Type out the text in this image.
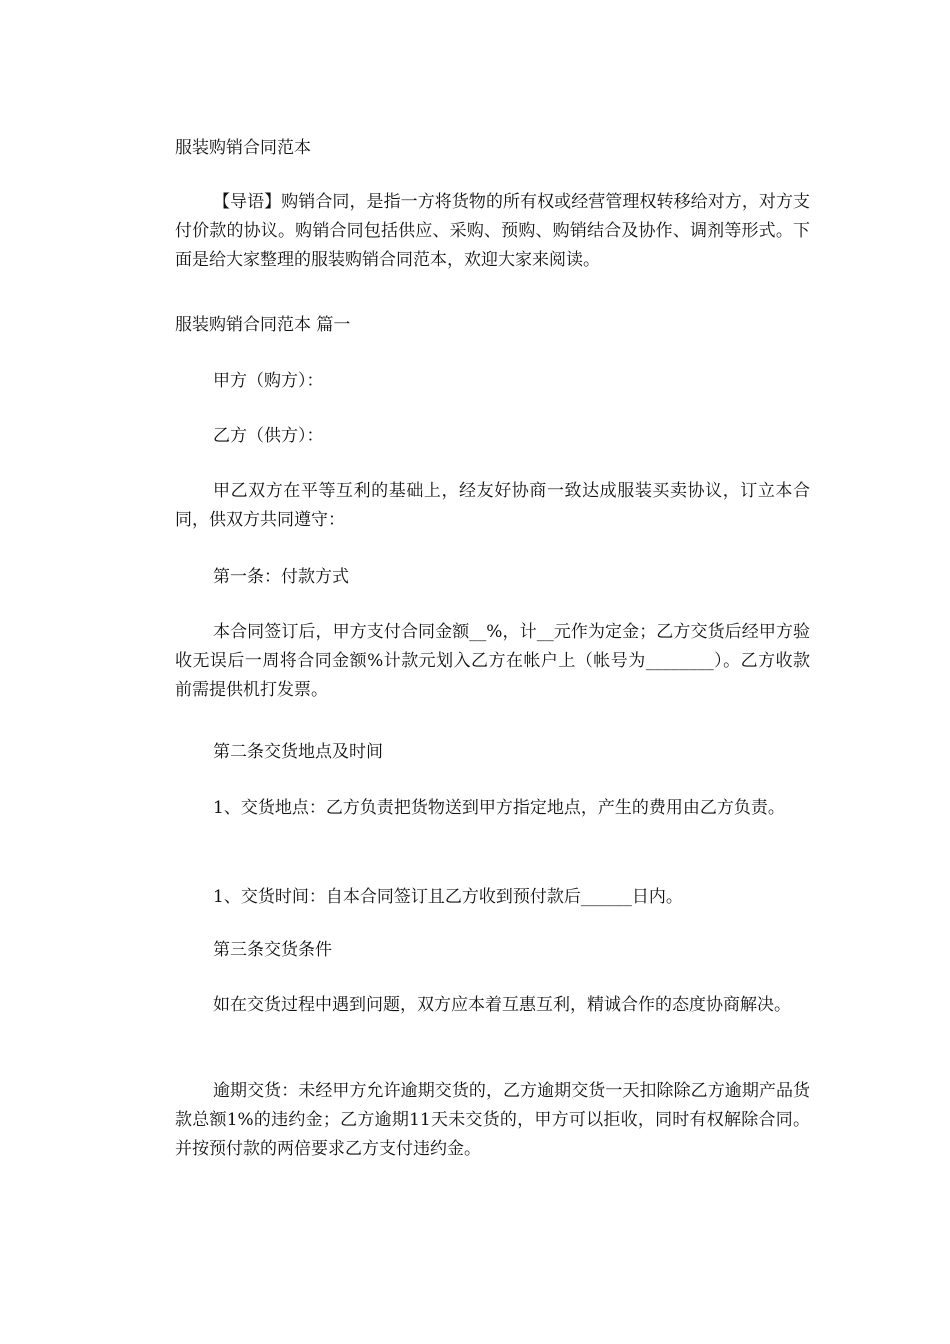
服装购销合同范本
【导语】购销合同，是指一方将货物的所有权或经营管理权转移给对方，对方支付价款的协议。购销合同包括供应、采购、预购、购销结合及协作、调剂等形式。下面是给大家整理的服装购销合同范本，欢迎大家来阅读。
服装购销合同范本 篇一
甲方（购方）：
乙方（供方）：
甲乙双方在平等互利的基础上，经友好协商一致达成服装买卖协议，订立本合同，供双方共同遵守：
第一条：付款方式
本合同签订后，甲方支付合同金额__%，计__元作为定金；乙方交货后经甲方验收无误后一周将合同金额%计款元划入乙方在帐户上（帐号为________）。乙方收款前需提供机打发票。
第二条交货地点及时间
1、交货地点：乙方负责把货物送到甲方指定地点，产生的费用由乙方负责。
1、交货时间：自本合同签订且乙方收到预付款后______日内。
第三条交货条件
如在交货过程中遇到问题，双方应本着互惠互利，精诚合作的态度协商解决。
逾期交货：未经甲方允许逾期交货的，乙方逾期交货一天扣除除乙方逾期产品货款总额1%的违约金；乙方逾期11天未交货的，甲方可以拒收，同时有权解除合同。并按预付款的两倍要求乙方支付违约金。
